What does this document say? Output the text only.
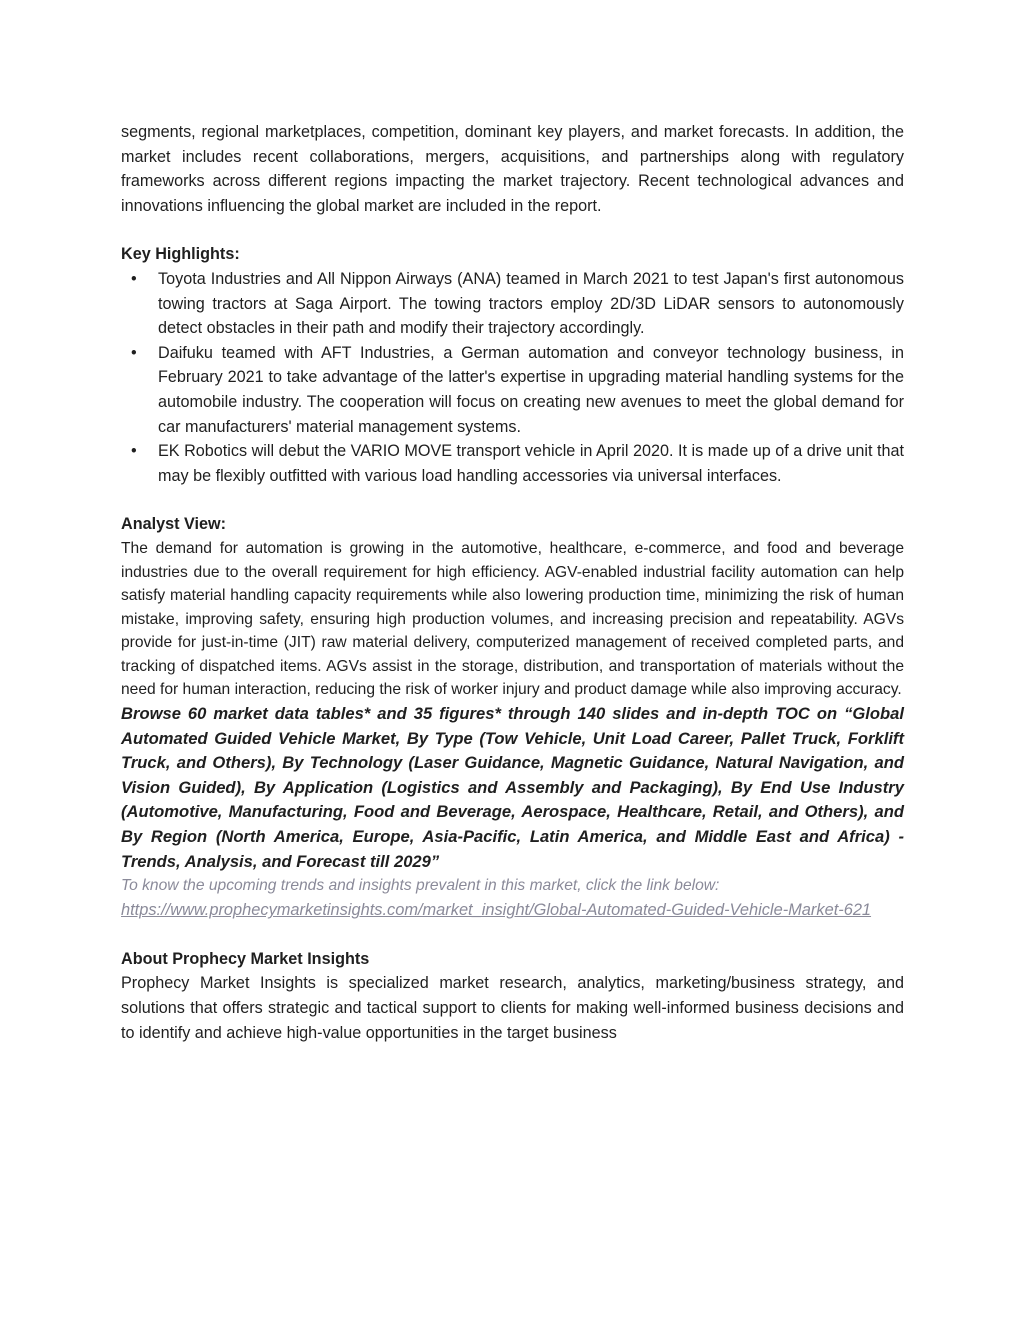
segments, regional marketplaces, competition, dominant key players, and market forecasts. In addition, the market includes recent collaborations, mergers, acquisitions, and partnerships along with regulatory frameworks across different regions impacting the market trajectory. Recent technological advances and innovations influencing the global market are included in the report.

Key Highlights:

• Toyota Industries and All Nippon Airways (ANA) teamed in March 2021 to test Japan's first autonomous towing tractors at Saga Airport. The towing tractors employ 2D/3D LiDAR sensors to autonomously detect obstacles in their path and modify their trajectory accordingly.
• Daifuku teamed with AFT Industries, a German automation and conveyor technology business, in February 2021 to take advantage of the latter's expertise in upgrading material handling systems for the automobile industry. The cooperation will focus on creating new avenues to meet the global demand for car manufacturers' material management systems.
• EK Robotics will debut the VARIO MOVE transport vehicle in April 2020. It is made up of a drive unit that may be flexibly outfitted with various load handling accessories via universal interfaces.

Analyst View:

The demand for automation is growing in the automotive, healthcare, e-commerce, and food and beverage industries due to the overall requirement for high efficiency. AGV-enabled industrial facility automation can help satisfy material handling capacity requirements while also lowering production time, minimizing the risk of human mistake, improving safety, ensuring high production volumes, and increasing precision and repeatability. AGVs provide for just-in-time (JIT) raw material delivery, computerized management of received completed parts, and tracking of dispatched items. AGVs assist in the storage, distribution, and transportation of materials without the need for human interaction, reducing the risk of worker injury and product damage while also improving accuracy.

Browse 60 market data tables* and 35 figures* through 140 slides and in-depth TOC on “Global Automated Guided Vehicle Market, By Type (Tow Vehicle, Unit Load Career, Pallet Truck, Forklift Truck, and Others), By Technology (Laser Guidance, Magnetic Guidance, Natural Navigation, and Vision Guided), By Application (Logistics and Assembly and Packaging), By End Use Industry (Automotive, Manufacturing, Food and Beverage, Aerospace, Healthcare, Retail, and Others), and By Region (North America, Europe, Asia-Pacific, Latin America, and Middle East and Africa) - Trends, Analysis, and Forecast till 2029”

To know the upcoming trends and insights prevalent in this market, click the link below:

https://www.prophecymarketinsights.com/market_insight/Global-Automated-Guided-Vehicle-Market-621

About Prophecy Market Insights

Prophecy Market Insights is specialized market research, analytics, marketing/business strategy, and solutions that offers strategic and tactical support to clients for making well-informed business decisions and to identify and achieve high-value opportunities in the target business
